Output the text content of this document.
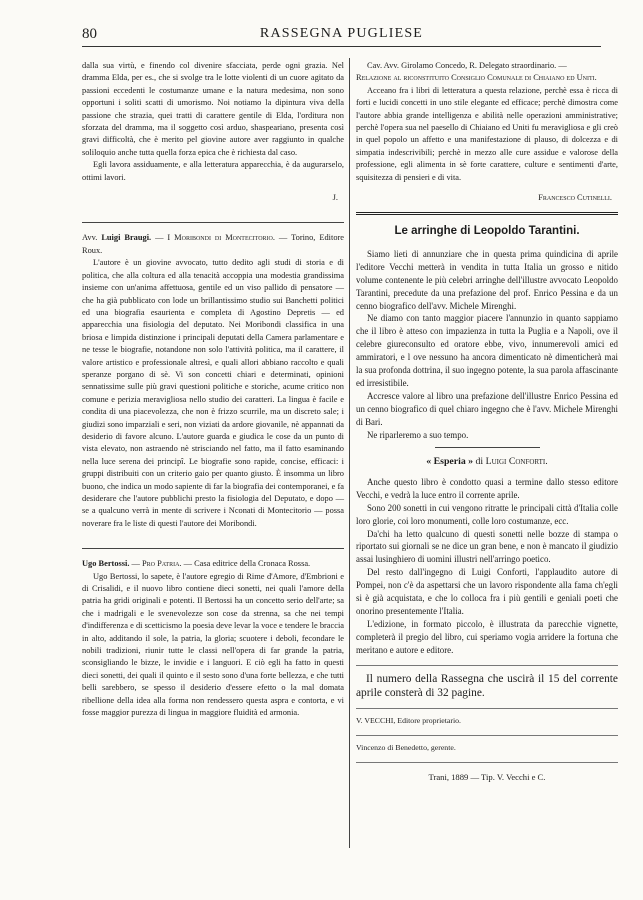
80	RASSEGNA PUGLIESE

dalla sua virtù, e finendo col divenire sfacciata, perde ogni grazia. Nel dramma Elda, per es., che si svolge tra le lotte violenti di un cuore agitato da passioni eccedenti le costumanze umane e la natura medesima, non sono opportuni i soliti scatti di umorismo. Noi notiamo la dipintura viva della passione che strazia, quei tratti di carattere gentile di Elda, l'orditura non sforzata del dramma, ma il soggetto così arduo, shaspeariano, presenta così gravi difficoltà, che è merito pel giovine autore aver raggiunto in qualche soliloquio anche tutta quella forza epica che è richiesta dal caso.

Egli lavora assiduamente, e alla letteratura apparecchia, è da augurarselo, ottimi lavori.

J.

Avv. Luigi Braugi. — I Moribondi di Montecitorio. — Torino, Editore Roux.

L'autore è un giovine avvocato, tutto dedito agli studi di storia e di politica, che alla coltura ed alla tenacità accoppia una modestia grandissima insieme con un'anima affettuosa, gentile ed un viso pallido di pensatore — che ha già pubblicato con lode un brillantissimo studio sui Banchetti politici ed una biografia esaurienta e completa di Agostino Depretis — ed apparecchia una fisiologia del deputato. Nei Moribondi classifica in una briosa e limpida distinzione i principali deputati della Camera parlamentare e ne tesse le biografie, notandone non solo l'attività politica, ma il carattere, il valore artistico e professionale altresì, e quali allori abbiano raccolto e quali speranze porgano di sè. Vi son concetti chiari e determinati, opinioni sennatissime sulle più gravi questioni politiche e storiche, acume critico non comune e perizia meravigliosa nello studio dei caratteri. La lingua è facile e condita di una piacevolezza, che non è frizzo scurrile, ma un discreto sale; i giudizi sono imparziali e seri, non viziati da ardore giovanile, nè appannati da desiderio di favore alcuno. L'autore guarda e giudica le cose da un punto di vista elevato, non astraendo nè strisciando nel fatto, ma il fatto esaminando nella luce serena dei principî. Le biografie sono rapide, concise, efficaci: i gruppi distribuiti con un criterio gaio per quanto giusto. È insomma un libro buono, che indica un modo sapiente di far la biografia dei contemporanei, e fa desiderare che l'autore pubblichi presto la fisiologia del Deputato, e dopo — se a qualcuno verrà in mente di scrivere i Nconati di Montecitorio — possa noverare fra le liste di questi l'autore dei Moribondi.

Ugo Bertossi. — Pro Patria. — Casa editrice della Cronaca Rossa.

Ugo Bertossi, lo sapete, è l'autore egregio di Rime d'Amore, d'Embrioni e di Crisalidi, e il nuovo libro contiene dieci sonetti, nei quali l'amore della patria ha gridi originali e potenti. Il Bertossi ha un concetto serio dell'arte; sa che i madrigali e le svenevolezze son cose da strenna, sa che nei tempi d'indifferenza e di scetticismo la poesia deve levar la voce e tendere le braccia in alto, additando il sole, la patria, la gloria; scuotere i deboli, fecondare le nobili tradizioni, riunir tutte le classi nell'opera di far grande la patria, sconsigliando le bizze, le invidie e i languori. E ciò egli ha fatto in questi dieci sonetti, dei quali il quinto e il sesto sono d'una forte bellezza, e che tutti belli sarebbero, se spesso il desiderio d'essere efetto o la mal domata ribellione della idea alla forma non rendessero questa aspra e contorta, e vi fosse maggior purezza di lingua in maggiore fluidità ed armonia.

Cav. Avv. Girolamo Concedo, R. Delegato straordinario. —

Relazione al riconstituito Consiglio Comunale di Chiaiano ed Uniti.

Acceano fra i libri di letteratura a questa relazione, perchè essa è ricca di forti e lucidi concetti in uno stile elegante ed efficace; perchè dimostra come l'autore abbia grande intelligenza e abilità nelle operazioni amministrative; perchè l'opera sua nel paesello di Chiaiano ed Uniti fu meravigliosa e gli creò in quel popolo un affetto e una manifestazione di plauso, di dolcezza e di simpatia indescrivibili; perchè in mezzo alle cure assidue e valorose della professione, egli alimenta in sè forte carattere, culture e sentimenti d'arte, squisitezza di pensieri e di vita.

Francesco Cutinelli.
Le arringhe di Leopoldo Tarantini.

Siamo lieti di annunziare che in questa prima quindicina di aprile l'editore Vecchi metterà in vendita in tutta Italia un grosso e nitido volume contenente le più celebri arringhe dell'illustre avvocato Leopoldo Tarantini, precedute da una prefazione del prof. Enrico Pessina e da un cenno biografico dell'avv. Michele Mirenghi.

Ne diamo con tanto maggior piacere l'annunzio in quanto sappiamo che il libro è atteso con impazienza in tutta la Puglia e a Napoli, ove il celebre giureconsulto ed oratore ebbe, vivo, innumerevoli amici ed ammiratori, e l ove nessuno ha ancora dimenticato nè dimenticherà mai la sua profonda dottrina, il suo ingegno potente, la sua parola affascinante ed irresistibile.

Accresce valore al libro una prefazione dell'illustre Enrico Pessina ed un cenno biografico di quel chiaro ingegno che è l'avv. Michele Mirenghi di Bari.

Ne riparleremo a suo tempo.

« Esperia » di Luigi Conforti.

Anche questo libro è condotto quasi a termine dallo stesso editore Vecchi, e vedrà la luce entro il corrente aprile.

Sono 200 sonetti in cui vengono ritratte le principali città d'Italia colle loro glorie, coi loro monumenti, colle loro costumanze, ecc.

Da'chi ha letto qualcuno di questi sonetti nelle bozze di stampa o riportato sui giornali se ne dice un gran bene, e non è mancato il giudizio assai lusinghiero di uomini illustri nell'arringo poetico.

Del resto dall'ingegno di Luigi Conforti, l'applaudito autore di Pompei, non c'è da aspettarsi che un lavoro rispondente alla fama ch'egli si è già acquistata, e che lo colloca fra i più gentili e geniali poeti che onorino presentemente l'Italia.

L'edizione, in formato piccolo, è illustrata da parecchie vignette, completerà il pregio del libro, cui speriamo vogia arridere la fortuna che meritano e autore e editore.

Il numero della Rassegna che uscirà il 15 del corrente aprile consterà di 32 pagine.

V. VECCHI, Editore proprietario.
Vincenzo di Benedetto, gerente.
Trani, 1889 — Tip. V. Vecchi e C.
